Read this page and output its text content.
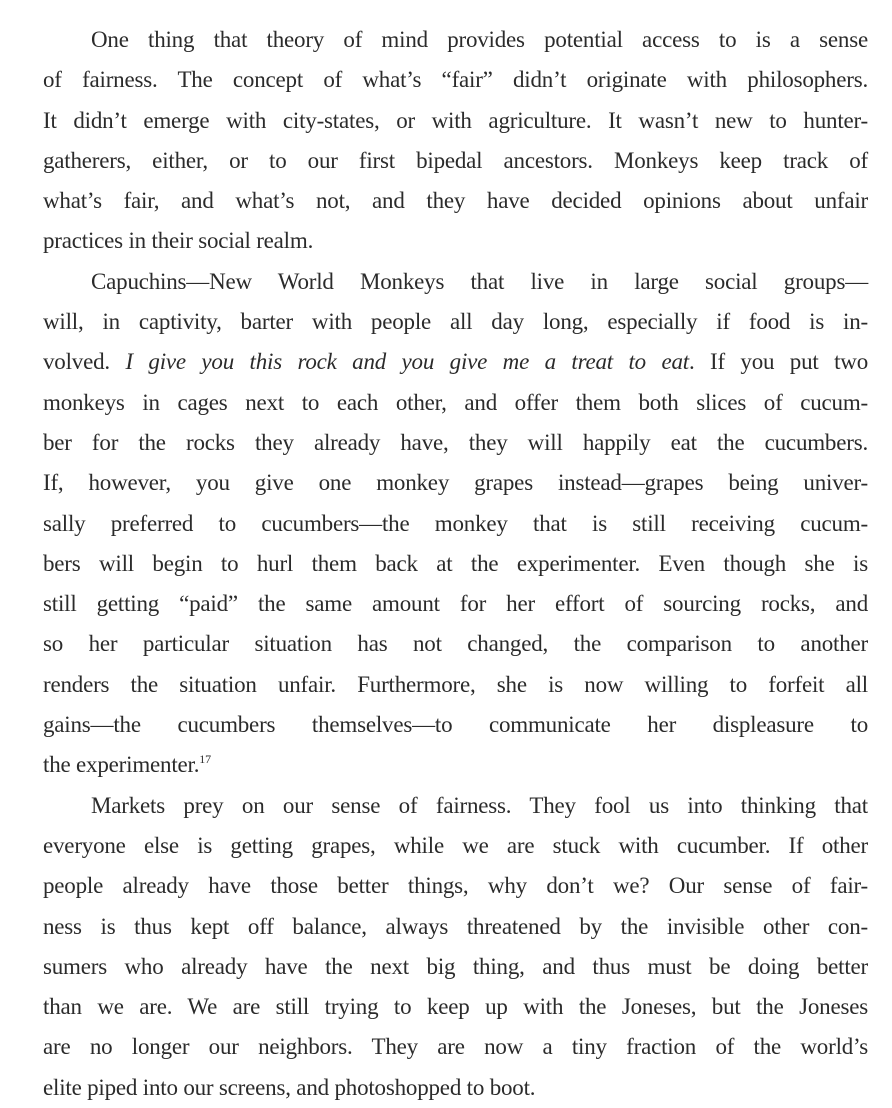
One thing that theory of mind provides potential access to is a sense
of fairness. The concept of what’s “fair” didn’t originate with philosophers.
It didn’t emerge with city-states, or with agriculture. It wasn’t new to hunter-
gatherers, either, or to our first bipedal ancestors. Monkeys keep track of
what’s fair, and what’s not, and they have decided opinions about unfair
practices in their social realm.

Capuchins—New World Monkeys that live in large social groups—
will, in captivity, barter with people all day long, especially if food is in-
volved. I give you this rock and you give me a treat to eat. If you put two
monkeys in cages next to each other, and offer them both slices of cucum-
ber for the rocks they already have, they will happily eat the cucumbers.
If, however, you give one monkey grapes instead—grapes being univer-
sally preferred to cucumbers—the monkey that is still receiving cucum-
bers will begin to hurl them back at the experimenter. Even though she is
still getting “paid” the same amount for her effort of sourcing rocks, and
so her particular situation has not changed, the comparison to another
renders the situation unfair. Furthermore, she is now willing to forfeit all
gains—the cucumbers themselves—to communicate her displeasure to
the experimenter.$^{17}$

Markets prey on our sense of fairness. They fool us into thinking that
everyone else is getting grapes, while we are stuck with cucumber. If other
people already have those better things, why don’t we? Our sense of fair-
ness is thus kept off balance, always threatened by the invisible other con-
sumers who already have the next big thing, and thus must be doing better
than we are. We are still trying to keep up with the Joneses, but the Joneses
are no longer our neighbors. They are now a tiny fraction of the world’s
elite piped into our screens, and photoshopped to boot.
